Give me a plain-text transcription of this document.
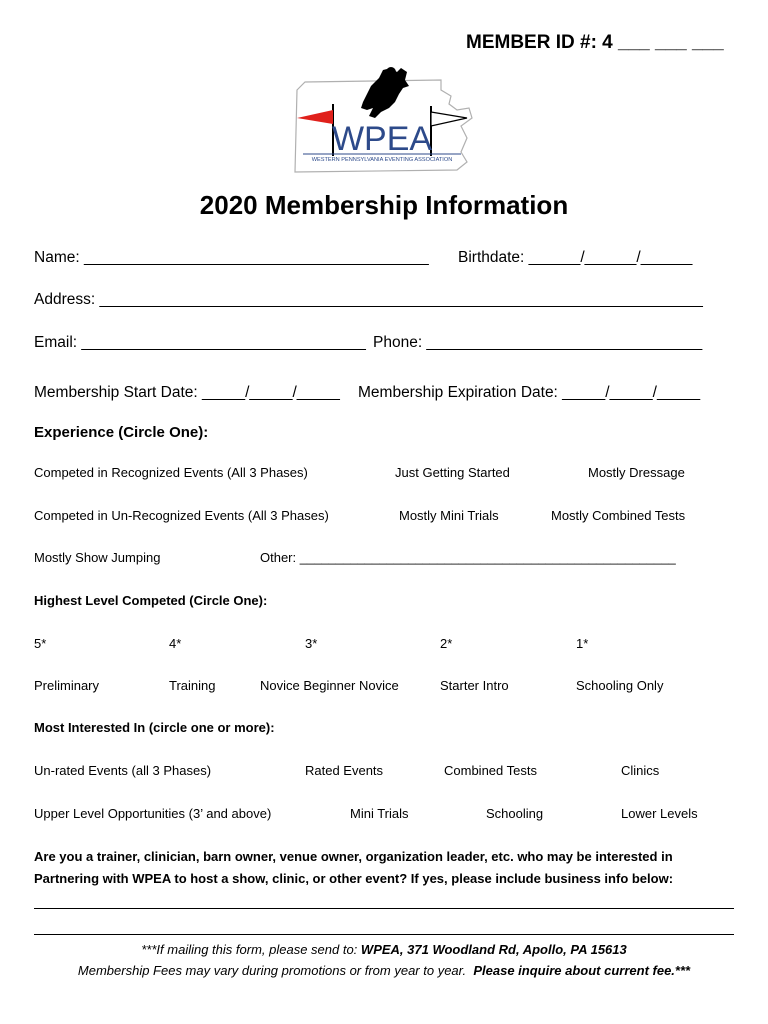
MEMBER ID #: 4 ___ ___ ___
WPEA
WESTERN PENNSYLVANIA EVENTING ASSOCIATION
2020 Membership Information
Name: ________________________________________ Birthdate: ______/______/______
Address: ______________________________________________________________________
Email: _________________________________ Phone: ________________________________
Membership Start Date: _____/_____/_____ Membership Expiration Date: _____/_____/_____
Experience (Circle One):
Competed in Recognized Events (All 3 Phases)	Just Getting Started	Mostly Dressage
Competed in Un-Recognized Events (All 3 Phases)	Mostly Mini Trials	Mostly Combined Tests
Mostly Show Jumping	Other: ____________________________________________________
Highest Level Competed (Circle One):
5*	4*	3*	2*	1*
Preliminary	Training	Novice Beginner Novice	Starter Intro	Schooling Only
Most Interested In (circle one or more):
Un-rated Events (all 3 Phases)	Rated Events	Combined Tests	Clinics
Upper Level Opportunities (3’ and above)	Mini Trials	Schooling	Lower Levels
Are you a trainer, clinician, barn owner, venue owner, organization leader, etc. who may be interested in
Partnering with WPEA to host a show, clinic, or other event? If yes, please include business info below:
***If mailing this form, please send to: WPEA, 371 Woodland Rd, Apollo, PA 15613
Membership Fees may vary during promotions or from year to year.  Please inquire about current fee.***
